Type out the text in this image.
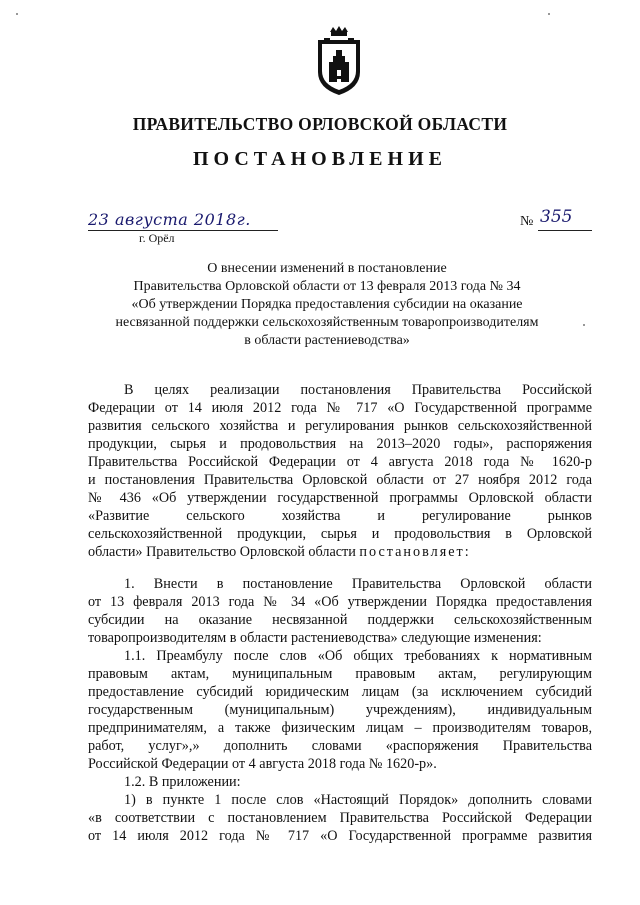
ПРАВИТЕЛЬСТВО ОРЛОВСКОЙ ОБЛАСТИ
ПОСТАНОВЛЕНИЕ
23 августа 2018г.
г. Орёл
№ 355
О внесении изменений в постановление
Правительства Орловской области от 13 февраля 2013 года № 34
«Об утверждении Порядка предоставления субсидии на оказание
несвязанной поддержки сельскохозяйственным товаропроизводителям
в области растениеводства»
В целях реализации постановления Правительства Российской
Федерации от 14 июля 2012 года № 717 «О Государственной программе
развития сельского хозяйства и регулирования рынков сельскохозяйственной
продукции, сырья и продовольствия на 2013–2020 годы», распоряжения
Правительства Российской Федерации от 4 августа 2018 года № 1620-р
и постановления Правительства Орловской области от 27 ноября 2012 года
№ 436 «Об утверждении государственной программы Орловской области
«Развитие сельского хозяйства и регулирование рынков
сельскохозяйственной продукции, сырья и продовольствия в Орловской
области» Правительство Орловской области постановляет:
1. Внести в постановление Правительства Орловской области
от 13 февраля 2013 года № 34 «Об утверждении Порядка предоставления
субсидии на оказание несвязанной поддержки сельскохозяйственным
товаропроизводителям в области растениеводства» следующие изменения:
1.1. Преамбулу после слов «Об общих требованиях к нормативным
правовым актам, муниципальным правовым актам, регулирующим
предоставление субсидий юридическим лицам (за исключением субсидий
государственным (муниципальным) учреждениям), индивидуальным
предпринимателям, а также физическим лицам – производителям товаров,
работ, услуг»,» дополнить словами «распоряжения Правительства
Российской Федерации от 4 августа 2018 года № 1620-р».
1.2. В приложении:
1) в пункте 1 после слов «Настоящий Порядок» дополнить словами
«в соответствии с постановлением Правительства Российской Федерации
от 14 июля 2012 года № 717 «О Государственной программе развития
